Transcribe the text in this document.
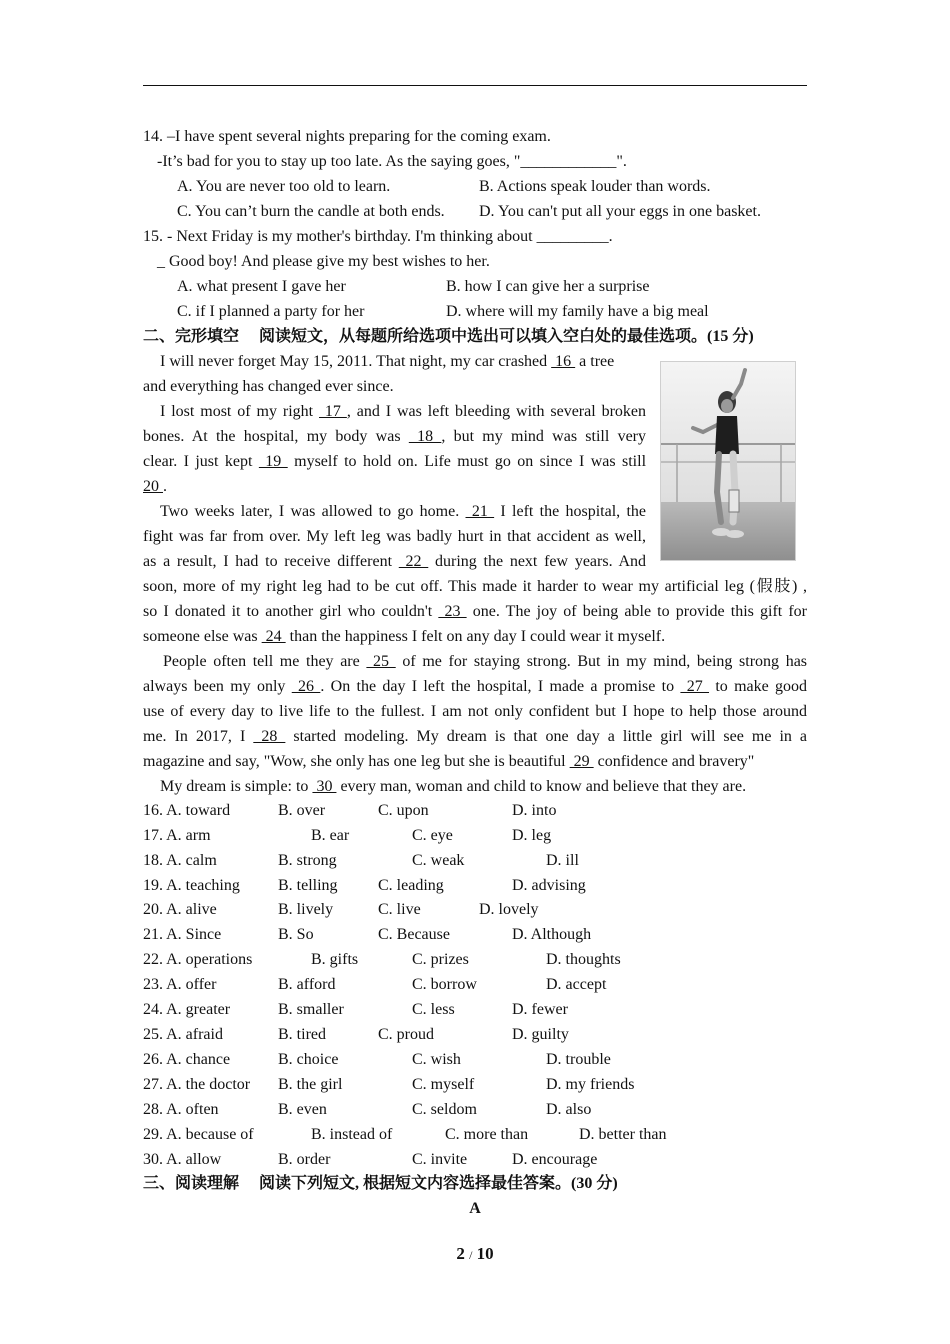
14. –I have spent several nights preparing for the coming exam.
-It’s bad for you to stay up too late. As the saying goes, "____________".
A. You are never too old to learn.	B. Actions speak louder than words.
C. You can’t burn the candle at both ends. D. You can't put all your eggs in one basket.
15. - Next Friday is my mother's birthday. I'm thinking about _________.
_ Good boy! And please give my best wishes to her.
A. what present I gave her	B. how I can give her a surprise
C. if I planned a party for her	D. where will my family have a big meal
二、完形填空　 阅读短文，从每题所给选项中选出可以填入空白处的最佳选项。(15 分)
I will never forget May 15, 2011. That night, my car crashed  16  a tree
and everything has changed ever since.
I lost most of my right  17 , and I was left bleeding with several broken
bones. At the hospital, my body was  18 , but my mind was still very
clear. I just kept  19  myself to hold on. Life must go on since I was still
20 .
Two weeks later, I was allowed to go home.  21  I left the hospital, the
fight was far from over. My left leg was badly hurt in that accident as well,
as a result, I had to receive different  22  during the next few years. And
soon, more of my right leg had to be cut off. This made it harder to wear my artificial leg (假肢) ,
so I donated it to another girl who couldn't  23  one. The joy of being able to provide this gift for
someone else was  24  than the happiness I felt on any day I could wear it myself.
People often tell me they are  25  of me for staying strong. But in my mind, being strong has
always been my only  26 . On the day I left the hospital, I made a promise to  27  to make good
use of every day to live life to the fullest. I am not only confident but I hope to help those around
me. In 2017, I  28  started modeling. My dream is that one day a little girl will see me in a
magazine and say, "Wow, she only has one leg but she is beautiful  29  confidence and bravery"
My dream is simple: to  30  every man, woman and child to know and believe that they are.
16. A. toward	B. over	C. upon	D. into
17. A. arm	B. ear	C. eye	D. leg
18. A. calm	B. strong	C. weak	D. ill
19. A. teaching B. telling	C. leading	D. advising
20. A. alive	B. lively	C. live	D. lovely
21. A. Since	B. So	C. Because	D. Although
22. A. operations	B. gifts	C. prizes	D. thoughts
23. A. offer	B. afford	C. borrow	D. accept
24. A. greater	B. smaller	C. less	D. fewer
25. A. afraid	B. tired	C. proud	D. guilty
26. A. chance	B. choice	C. wish	D. trouble
27. A. the doctor B. the girl	C. myself	D. my friends
28. A. often	B. even	C. seldom	D. also
29. A. because of	B. instead of	C. more than	D. better than
30. A. allow	B. order	C. invite	D. encourage
三、阅读理解　 阅读下列短文, 根据短文内容选择最佳答案。(30 分)
A
2 / 10
